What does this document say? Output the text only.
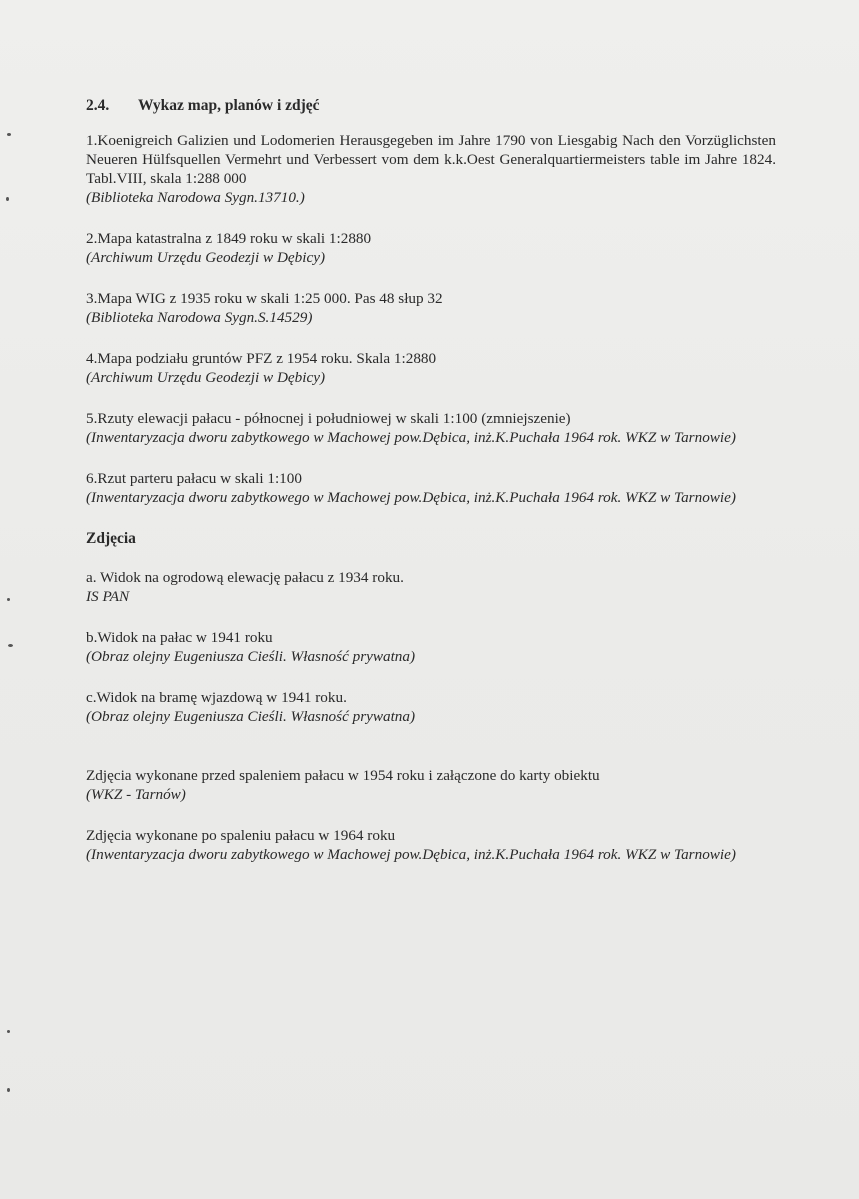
2.4. Wykaz map, planów i zdjęć
1.Koenigreich Galizien und Lodomerien Herausgegeben im Jahre 1790 von Liesgabig Nach den Vorzüglichsten Neueren Hülfsquellen Vermehrt und Verbessert vom dem k.k.Oest Generalquartiermeisters table im Jahre 1824. Tabl.VIII, skala 1:288 000
(Biblioteka Narodowa Sygn.13710.)
2.Mapa katastralna z 1849 roku w skali 1:2880
(Archiwum Urzędu Geodezji w Dębicy)
3.Mapa WIG z 1935 roku w skali 1:25 000. Pas 48 słup 32
(Biblioteka Narodowa Sygn.S.14529)
4.Mapa podziału gruntów PFZ z 1954 roku. Skala 1:2880
(Archiwum Urzędu Geodezji w Dębicy)
5.Rzuty elewacji pałacu - północnej i południowej w skali 1:100 (zmniejszenie)
(Inwentaryzacja dworu zabytkowego w Machowej pow.Dębica, inż.K.Puchała 1964 rok. WKZ w Tarnowie)
6.Rzut parteru pałacu w skali 1:100
(Inwentaryzacja dworu zabytkowego w Machowej pow.Dębica, inż.K.Puchała 1964 rok. WKZ w Tarnowie)
Zdjęcia
a. Widok na ogrodową elewację pałacu z 1934 roku.
IS PAN
b.Widok na pałac w 1941 roku
(Obraz olejny Eugeniusza Cieśli. Własność prywatna)
c.Widok na bramę wjazdową w 1941 roku.
(Obraz olejny Eugeniusza Cieśli. Własność prywatna)
Zdjęcia wykonane przed spaleniem pałacu w 1954 roku i załączone do karty obiektu
(WKZ - Tarnów)
Zdjęcia wykonane po spaleniu pałacu w 1964 roku
(Inwentaryzacja dworu zabytkowego w Machowej pow.Dębica, inż.K.Puchała 1964 rok. WKZ w Tarnowie)
